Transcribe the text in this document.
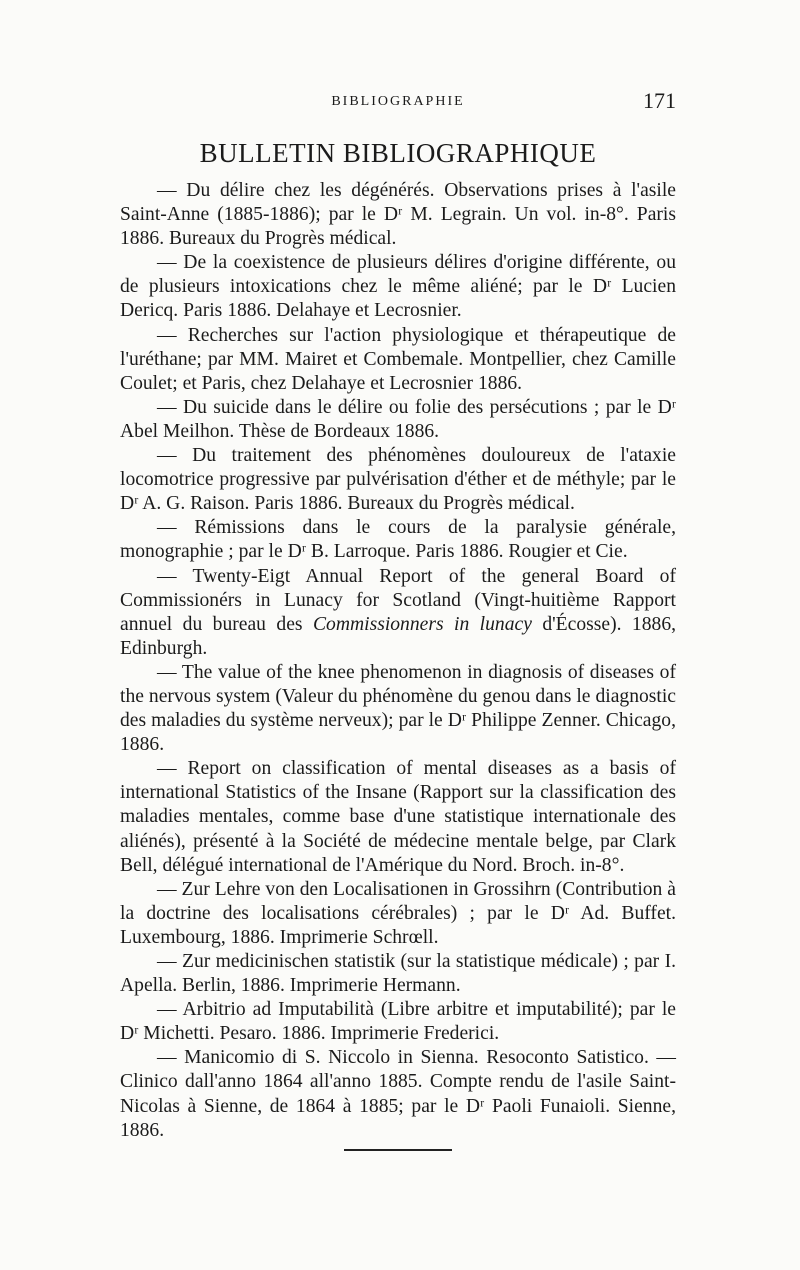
BIBLIOGRAPHIE	171
BULLETIN BIBLIOGRAPHIQUE

— Du délire chez les dégénérés. Observations prises à l'asile Saint-Anne (1885-1886); par le Dʳ M. Legrain. Un vol. in-8°. Paris 1886. Bureaux du Progrès médical.

— De la coexistence de plusieurs délires d'origine différente, ou de plusieurs intoxications chez le même aliéné; par le Dʳ Lucien Dericq. Paris 1886. Delahaye et Lecrosnier.

— Recherches sur l'action physiologique et thérapeutique de l'uréthane; par MM. Mairet et Combemale. Montpellier, chez Camille Coulet; et Paris, chez Delahaye et Lecrosnier 1886.

— Du suicide dans le délire ou folie des persécutions ; par le Dʳ Abel Meilhon. Thèse de Bordeaux 1886.

— Du traitement des phénomènes douloureux de l'ataxie locomotrice progressive par pulvérisation d'éther et de méthyle; par le Dʳ A. G. Raison. Paris 1886. Bureaux du Progrès médical.

— Rémissions dans le cours de la paralysie générale, monographie ; par le Dʳ B. Larroque. Paris 1886. Rougier et Cie.

— Twenty-Eigt Annual Report of the general Board of Commissionérs in Lunacy for Scotland (Vingt-huitième Rapport annuel du bureau des Commissionners in lunacy d'Écosse). 1886, Edinburgh.

— The value of the knee phenomenon in diagnosis of diseases of the nervous system (Valeur du phénomène du genou dans le diagnostic des maladies du système nerveux); par le Dʳ Philippe Zenner. Chicago, 1886.

— Report on classification of mental diseases as a basis of international Statistics of the Insane (Rapport sur la classification des maladies mentales, comme base d'une statistique internationale des aliénés), présenté à la Société de médecine mentale belge, par Clark Bell, délégué international de l'Amérique du Nord. Broch. in-8°.

— Zur Lehre von den Localisationen in Grossihrn (Contribution à la doctrine des localisations cérébrales) ; par le Dʳ Ad. Buffet. Luxembourg, 1886. Imprimerie Schrœll.

— Zur medicinischen statistik (sur la statistique médicale) ; par I. Apella. Berlin, 1886. Imprimerie Hermann.

— Arbitrio ad Imputabilità (Libre arbitre et imputabilité); par le Dʳ Michetti. Pesaro. 1886. Imprimerie Frederici.

— Manicomio di S. Niccolo in Sienna. Resoconto Satistico. — Clinico dall'anno 1864 all'anno 1885. Compte rendu de l'asile Saint-Nicolas à Sienne, de 1864 à 1885; par le Dʳ Paoli Funaioli. Sienne, 1886.
